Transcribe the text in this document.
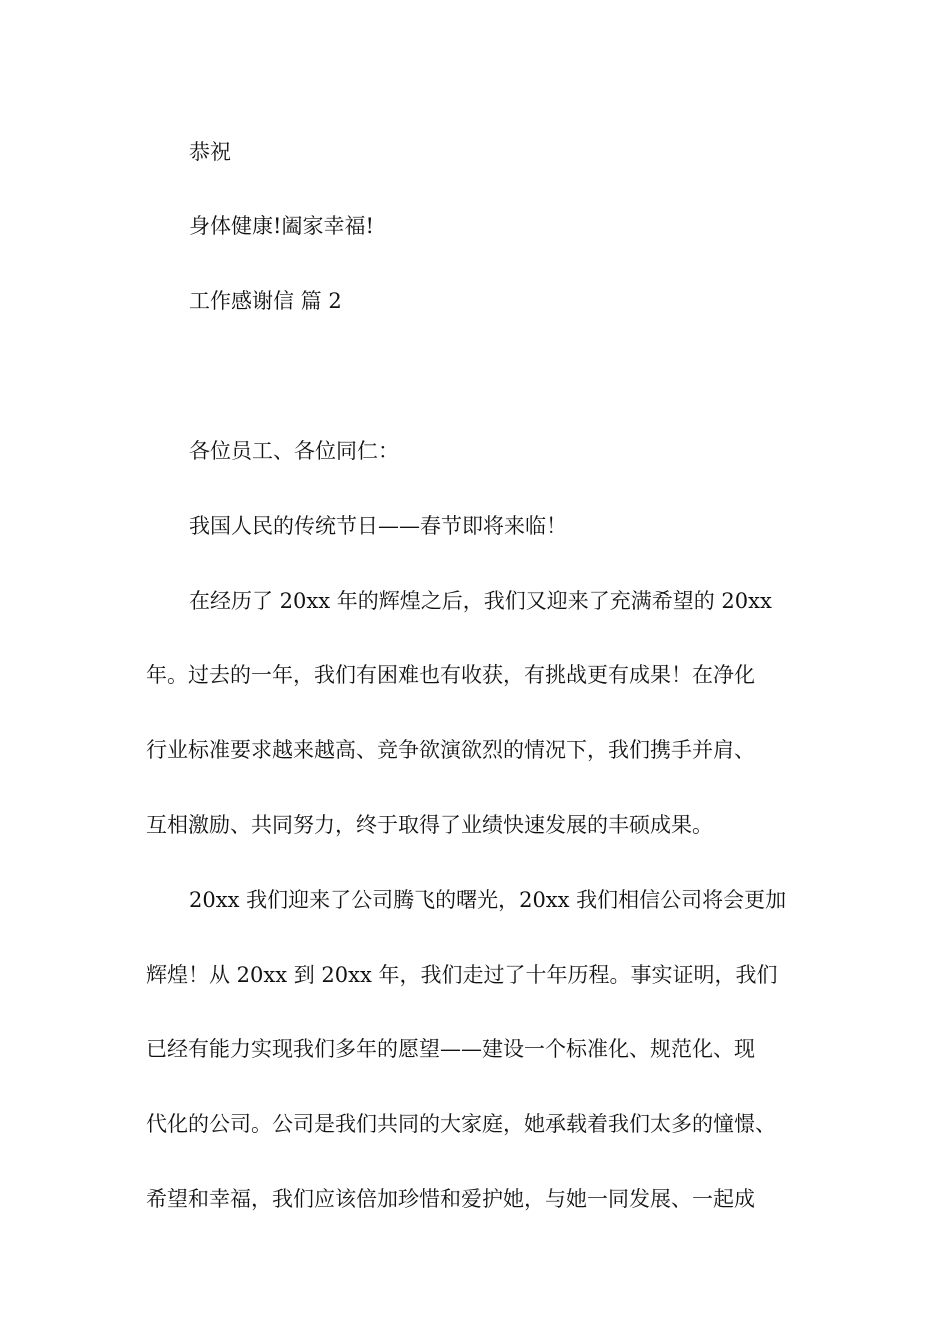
恭祝
身体健康!阖家幸福!
工作感谢信 篇 2
各位员工、各位同仁：
我国人民的传统节日——春节即将来临！
在经历了 20xx 年的辉煌之后，我们又迎来了充满希望的 20xx
年。过去的一年，我们有困难也有收获，有挑战更有成果！在净化
行业标准要求越来越高、竞争欲演欲烈的情况下，我们携手并肩、
互相激励、共同努力，终于取得了业绩快速发展的丰硕成果。
20xx 我们迎来了公司腾飞的曙光，20xx 我们相信公司将会更加
辉煌！从 20xx 到 20xx 年，我们走过了十年历程。事实证明，我们
已经有能力实现我们多年的愿望——建设一个标准化、规范化、现
代化的公司。公司是我们共同的大家庭，她承载着我们太多的憧憬、
希望和幸福，我们应该倍加珍惜和爱护她，与她一同发展、一起成
